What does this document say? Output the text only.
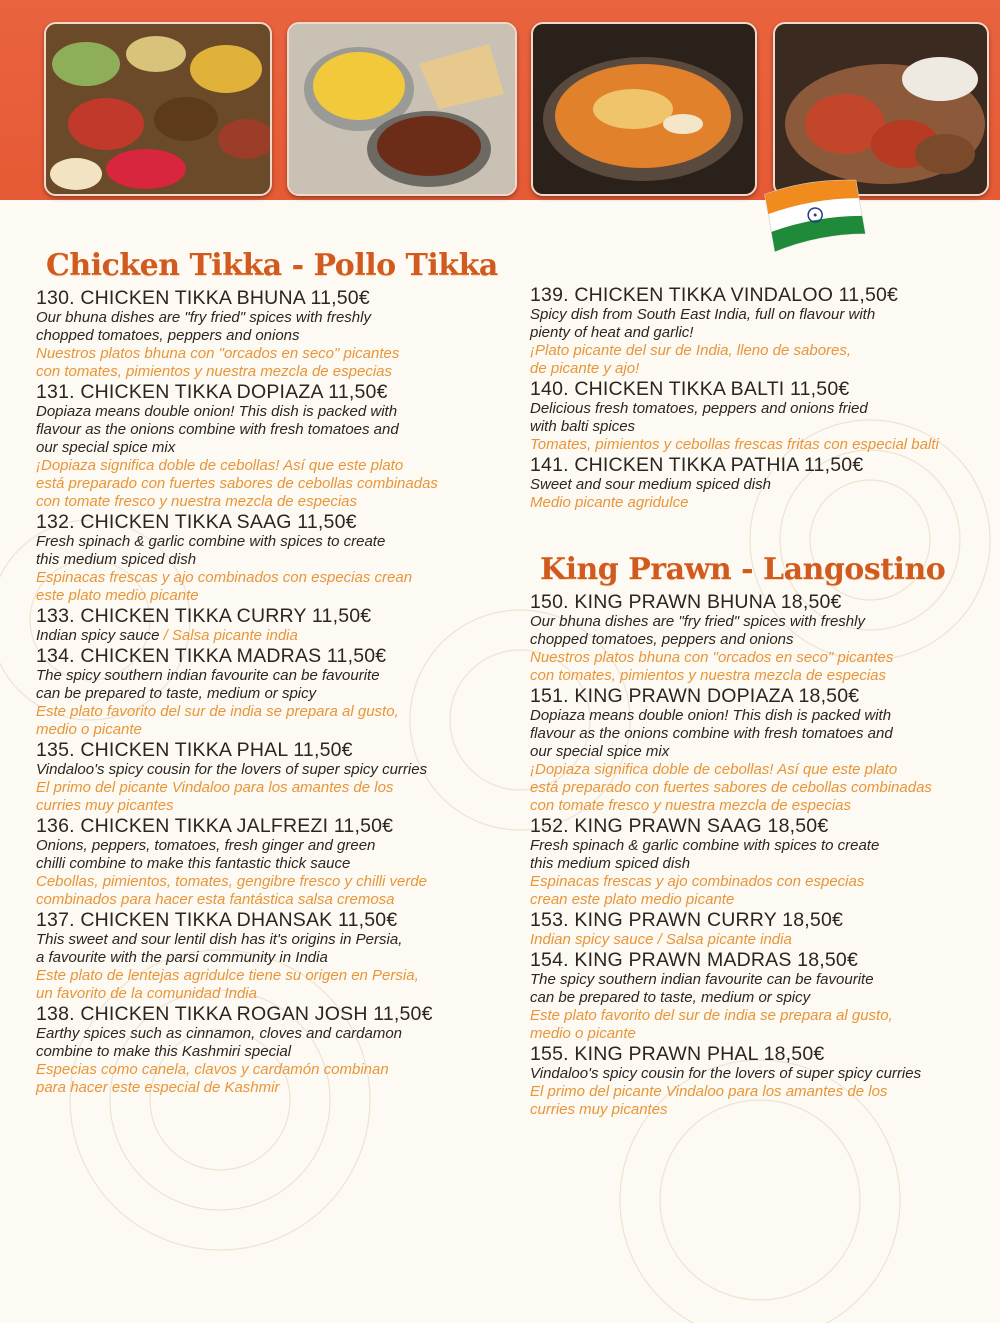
Chicken Tikka - Pollo Tikka
130. CHICKEN TIKKA BHUNA 11,50€
Our bhuna dishes are "fry fried" spices with freshly
chopped tomatoes, peppers and onions
Nuestros platos bhuna con "orcados en seco" picantes
con tomates, pimientos y nuestra mezcla de especias
131. CHICKEN TIKKA DOPIAZA 11,50€
Dopiaza means double onion! This dish is packed with
flavour as the onions combine with fresh tomatoes and
our special spice mix
¡Dopiaza significa doble de cebollas! Así que este plato
está preparado con fuertes sabores de cebollas combinadas
con tomate fresco y nuestra mezcla de especias
132. CHICKEN TIKKA SAAG 11,50€
Fresh spinach & garlic combine with spices to create
this medium spiced dish
Espinacas frescas y ajo combinados con especias crean
este plato medio picante
133. CHICKEN TIKKA CURRY 11,50€
Indian spicy sauce / Salsa picante india
134. CHICKEN TIKKA MADRAS 11,50€
The spicy southern indian favourite can be favourite
can be prepared to taste, medium or spicy
Este plato favorito del sur de india se prepara al gusto,
medio o picante
135. CHICKEN TIKKA PHAL 11,50€
Vindaloo's spicy cousin for the lovers of super spicy curries
El primo del picante Vindaloo para los amantes de los
curries muy picantes
136. CHICKEN TIKKA JALFREZI 11,50€
Onions, peppers, tomatoes, fresh ginger and green
chilli combine to make this fantastic thick sauce
Cebollas, pimientos, tomates, gengibre fresco y chilli verde
combinados para hacer esta fantástica salsa cremosa
137. CHICKEN TIKKA DHANSAK 11,50€
This sweet and sour lentil dish has it's origins in Persia,
a favourite with the parsi community in India
Este plato de lentejas agridulce tiene su origen en Persia,
un favorito de la comunidad India
138. CHICKEN TIKKA ROGAN JOSH 11,50€
Earthy spices such as cinnamon, cloves and cardamon
combine to make this Kashmiri special
Especias como canela, clavos y cardamón combinan
para hacer este especial de Kashmir
139. CHICKEN TIKKA VINDALOO 11,50€
Spicy dish from South East India, full on flavour with
pienty of heat and garlic!
¡Plato picante del sur de India, lleno de sabores,
de picante y ajo!
140. CHICKEN TIKKA BALTI 11,50€
Delicious fresh tomatoes, peppers and onions fried
with balti spices
Tomates, pimientos y cebollas frescas fritas con especial balti
141. CHICKEN TIKKA PATHIA 11,50€
Sweet and sour medium spiced dish
Medio picante agridulce
King Prawn - Langostino
150. KING PRAWN BHUNA 18,50€
Our bhuna dishes are "fry fried" spices with freshly
chopped tomatoes, peppers and onions
Nuestros platos bhuna con "orcados en seco" picantes
con tomates, pimientos y nuestra mezcla de especias
151. KING PRAWN DOPIAZA 18,50€
Dopiaza means double onion! This dish is packed with
flavour as the onions combine with fresh tomatoes and
our special spice mix
¡Dopiaza significa doble de cebollas! Así que este plato
está preparado con fuertes sabores de cebollas combinadas
con tomate fresco y nuestra mezcla de especias
152. KING PRAWN SAAG 18,50€
Fresh spinach & garlic combine with spices to create
this medium spiced dish
Espinacas frescas y ajo combinados con especias
crean este plato medio picante
153. KING PRAWN CURRY 18,50€
Indian spicy sauce / Salsa picante india
154. KING PRAWN MADRAS 18,50€
The spicy southern indian favourite can be favourite
can be prepared to taste, medium or spicy
Este plato favorito del sur de india se prepara al gusto,
medio o picante
155. KING PRAWN PHAL 18,50€
Vindaloo's spicy cousin for the lovers of super spicy curries
El primo del picante Vindaloo para los amantes de los
curries muy picantes
